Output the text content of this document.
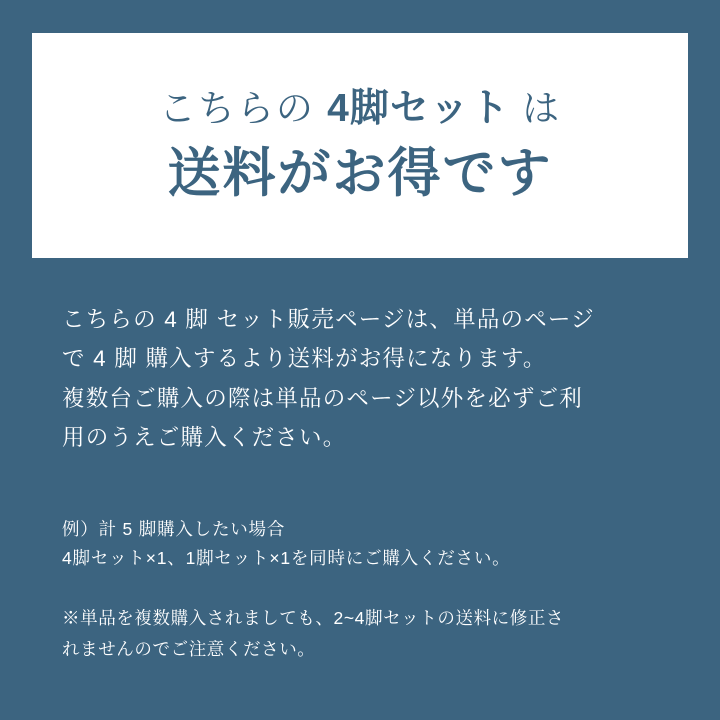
こちらの 4脚セット は
送料がお得です
こちらの 4 脚 セット販売ページは、単品のページ
で 4 脚 購入するより送料がお得になります。
複数台ご購入の際は単品のページ以外を必ずご利
用のうえご購入ください。
例）計 5 脚購入したい場合
4脚セット×1、1脚セット×1を同時にご購入ください。
※単品を複数購入されましても、2~4脚セットの送料に修正さ
れませんのでご注意ください。
